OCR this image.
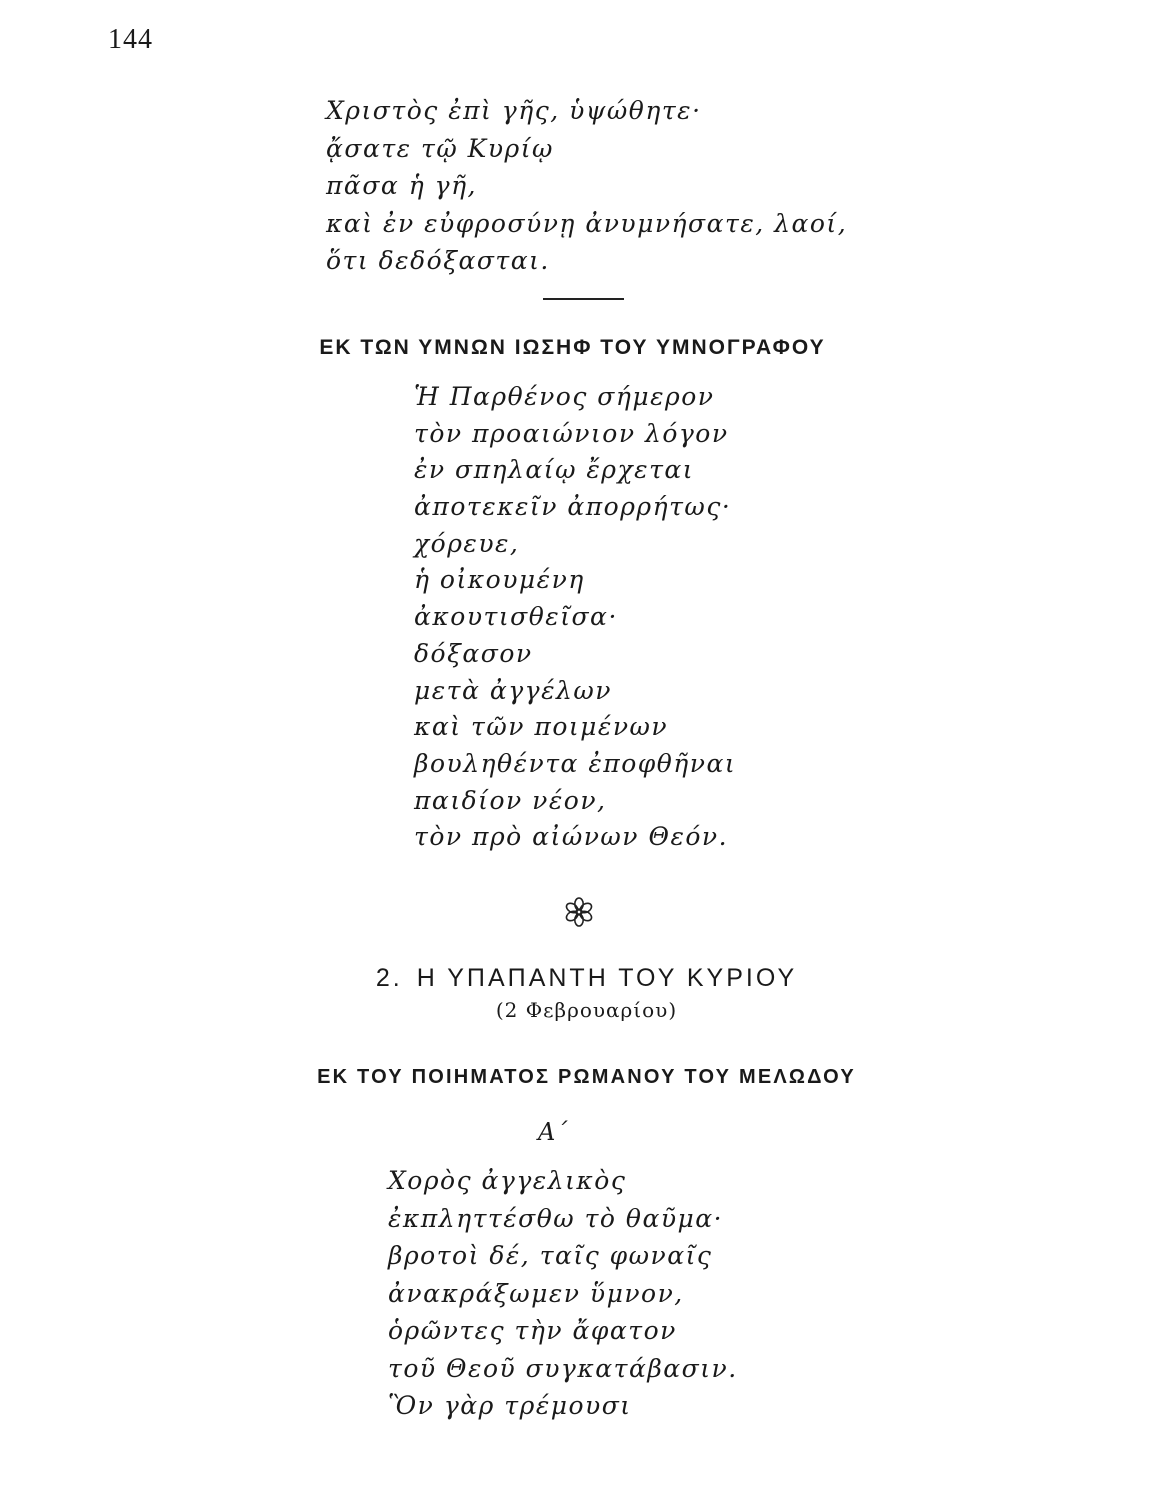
144
Χριστὸς ἐπὶ γῆς, ὑψώθητε·
ᾄσατε τῷ Κυρίῳ
πᾶσα ἡ γῆ,
καὶ ἐν εὐφροσύνῃ ἀνυμνήσατε, λαοί,
ὅτι δεδόξασται.
ΕΚ ΤΩΝ ΥΜΝΩΝ ΙΩΣΗΦ ΤΟΥ ΥΜΝΟΓΡΑΦΟΥ
Ἡ Παρθένος σήμερον
τὸν προαιώνιον λόγον
ἐν σπηλαίῳ ἔρχεται
ἀποτεκεῖν ἀπορρήτως·
χόρευε,
ἡ οἰκουμένη
ἀκουτισθεῖσα·
δόξασον
μετὰ ἀγγέλων
καὶ τῶν ποιμένων
βουληθέντα ἐποφθῆναι
παιδίον νέον,
τὸν πρὸ αἰώνων Θεόν.
2. Η ΥΠΑΠΑΝΤΗ ΤΟΥ ΚΥΡΙΟΥ
(2 Φεβρουαρίου)
ΕΚ ΤΟΥ ΠΟΙΗΜΑΤΟΣ ΡΩΜΑΝΟΥ ΤΟΥ ΜΕΛΩΔΟΥ
Α΄
Χορὸς ἀγγελικὸς
ἐκπληττέσθω τὸ θαῦμα·
βροτοὶ δέ, ταῖς φωναῖς
ἀνακράξωμεν ὕμνον,
ὁρῶντες τὴν ἄφατον
τοῦ Θεοῦ συγκατάβασιν.
Ὃν γὰρ τρέμουσι
